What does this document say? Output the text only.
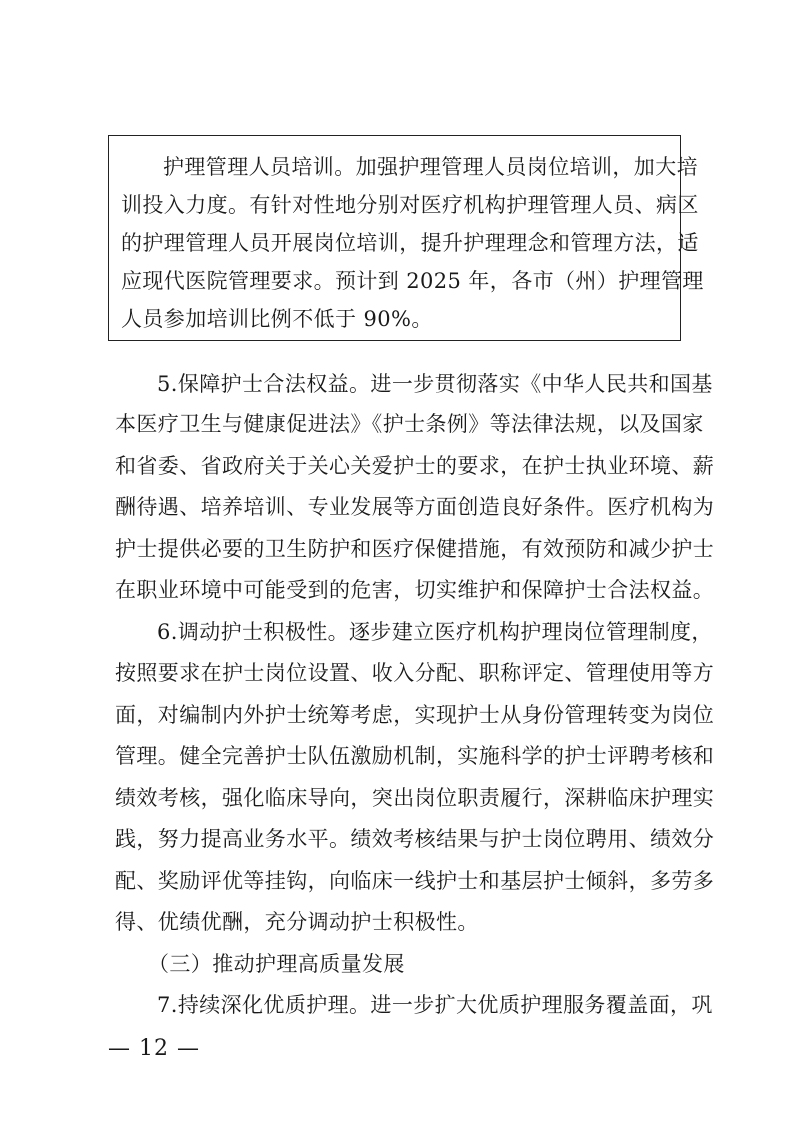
护理管理人员培训。加强护理管理人员岗位培训，加大培
训投入力度。有针对性地分别对医疗机构护理管理人员、病区
的护理管理人员开展岗位培训，提升护理理念和管理方法，适
应现代医院管理要求。预计到 2025 年，各市（州）护理管理
人员参加培训比例不低于 90%。
5.保障护士合法权益。进一步贯彻落实《中华人民共和国基
本医疗卫生与健康促进法》《护士条例》等法律法规，以及国家
和省委、省政府关于关心关爱护士的要求，在护士执业环境、薪
酬待遇、培养培训、专业发展等方面创造良好条件。医疗机构为
护士提供必要的卫生防护和医疗保健措施，有效预防和减少护士
在职业环境中可能受到的危害，切实维护和保障护士合法权益。
6.调动护士积极性。逐步建立医疗机构护理岗位管理制度，
按照要求在护士岗位设置、收入分配、职称评定、管理使用等方
面，对编制内外护士统筹考虑，实现护士从身份管理转变为岗位
管理。健全完善护士队伍激励机制，实施科学的护士评聘考核和
绩效考核，强化临床导向，突出岗位职责履行，深耕临床护理实
践，努力提高业务水平。绩效考核结果与护士岗位聘用、绩效分
配、奖励评优等挂钩，向临床一线护士和基层护士倾斜，多劳多
得、优绩优酬，充分调动护士积极性。
（三）推动护理高质量发展
7.持续深化优质护理。进一步扩大优质护理服务覆盖面，巩
— 12 —
